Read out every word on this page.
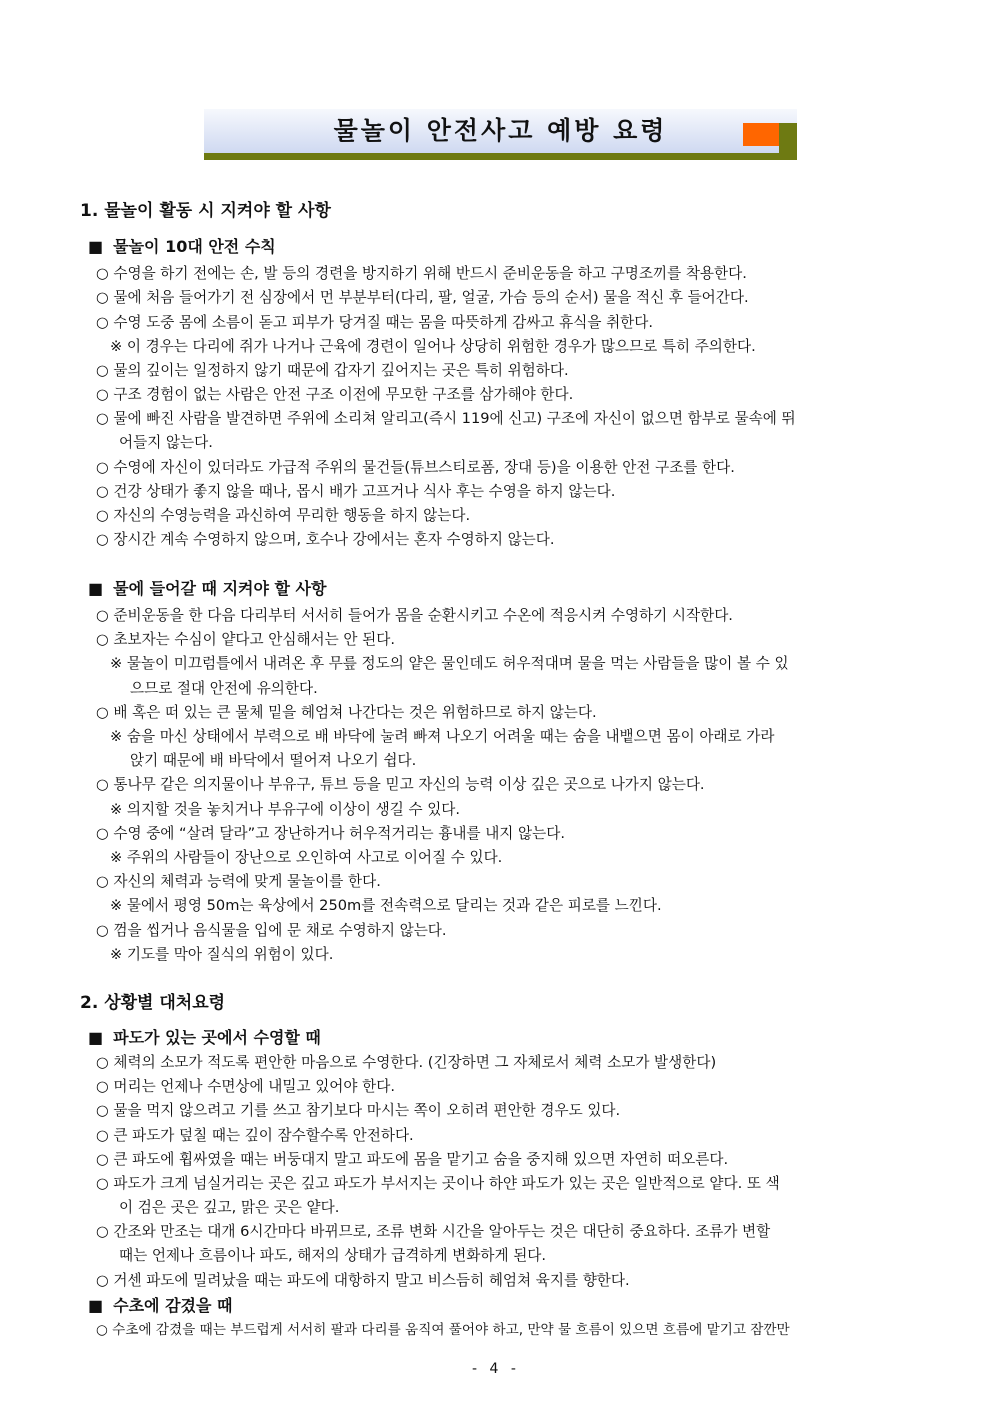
물놀이 안전사고 예방 요령
1. 물놀이 활동 시 지켜야 할 사항
■ 물놀이 10대 안전 수칙
○ 수영을 하기 전에는 손, 발 등의 경련을 방지하기 위해 반드시 준비운동을 하고 구명조끼를 착용한다.
○ 물에 처음 들어가기 전 심장에서 먼 부분부터(다리, 팔, 얼굴, 가슴 등의 순서) 물을 적신 후 들어간다.
○ 수영 도중 몸에 소름이 돋고 피부가 당겨질 때는 몸을 따뜻하게 감싸고 휴식을 취한다.
※ 이 경우는 다리에 쥐가 나거나 근육에 경련이 일어나 상당히 위험한 경우가 많으므로 특히 주의한다.
○ 물의 깊이는 일정하지 않기 때문에 갑자기 깊어지는 곳은 특히 위험하다.
○ 구조 경험이 없는 사람은 안전 구조 이전에 무모한 구조를 삼가해야 한다.
○ 물에 빠진 사람을 발견하면 주위에 소리쳐 알리고(즉시 119에 신고) 구조에 자신이 없으면 함부로 물속에 뛰
어들지 않는다.
○ 수영에 자신이 있더라도 가급적 주위의 물건들(튜브스티로폼, 장대 등)을 이용한 안전 구조를 한다.
○ 건강 상태가 좋지 않을 때나, 몹시 배가 고프거나 식사 후는 수영을 하지 않는다.
○ 자신의 수영능력을 과신하여 무리한 행동을 하지 않는다.
○ 장시간 계속 수영하지 않으며, 호수나 강에서는 혼자 수영하지 않는다.
■ 물에 들어갈 때 지켜야 할 사항
○ 준비운동을 한 다음 다리부터 서서히 들어가 몸을 순환시키고 수온에 적응시켜 수영하기 시작한다.
○ 초보자는 수심이 얕다고 안심해서는 안 된다.
※ 물놀이 미끄럼틀에서 내려온 후 무릎 정도의 얕은 물인데도 허우적대며 물을 먹는 사람들을 많이 볼 수 있
으므로 절대 안전에 유의한다.
○ 배 혹은 떠 있는 큰 물체 밑을 헤엄쳐 나간다는 것은 위험하므로 하지 않는다.
※ 숨을 마신 상태에서 부력으로 배 바닥에 눌려 빠져 나오기 어려울 때는 숨을 내뱉으면 몸이 아래로 가라
앉기 때문에 배 바닥에서 떨어져 나오기 쉽다.
○ 통나무 같은 의지물이나 부유구, 튜브 등을 믿고 자신의 능력 이상 깊은 곳으로 나가지 않는다.
※ 의지할 것을 놓치거나 부유구에 이상이 생길 수 있다.
○ 수영 중에 “살려 달라”고 장난하거나 허우적거리는 흉내를 내지 않는다.
※ 주위의 사람들이 장난으로 오인하여 사고로 이어질 수 있다.
○ 자신의 체력과 능력에 맞게 물놀이를 한다.
※ 물에서 평영 50m는 육상에서 250m를 전속력으로 달리는 것과 같은 피로를 느낀다.
○ 껌을 씹거나 음식물을 입에 문 채로 수영하지 않는다.
※ 기도를 막아 질식의 위험이 있다.
2. 상황별 대처요령
■ 파도가 있는 곳에서 수영할 때
○ 체력의 소모가 적도록 편안한 마음으로 수영한다. (긴장하면 그 자체로서 체력 소모가 발생한다)
○ 머리는 언제나 수면상에 내밀고 있어야 한다.
○ 물을 먹지 않으려고 기를 쓰고 참기보다 마시는 쪽이 오히려 편안한 경우도 있다.
○ 큰 파도가 덮칠 때는 깊이 잠수할수록 안전하다.
○ 큰 파도에 휩싸였을 때는 버둥대지 말고 파도에 몸을 맡기고 숨을 중지해 있으면 자연히 떠오른다.
○ 파도가 크게 넘실거리는 곳은 깊고 파도가 부서지는 곳이나 하얀 파도가 있는 곳은 일반적으로 얕다. 또 색
이 검은 곳은 깊고, 맑은 곳은 얕다.
○ 간조와 만조는 대개 6시간마다 바뀌므로, 조류 변화 시간을 알아두는 것은 대단히 중요하다. 조류가 변할
때는 언제나 흐름이나 파도, 해저의 상태가 급격하게 변화하게 된다.
○ 거센 파도에 밀려났을 때는 파도에 대항하지 말고 비스듬히 헤엄쳐 육지를 향한다.
■ 수초에 감겼을 때
○ 수초에 감겼을 때는 부드럽게 서서히 팔과 다리를 움직여 풀어야 하고, 만약 물 흐름이 있으면 흐름에 맡기고 잠깐만
- 4 -
